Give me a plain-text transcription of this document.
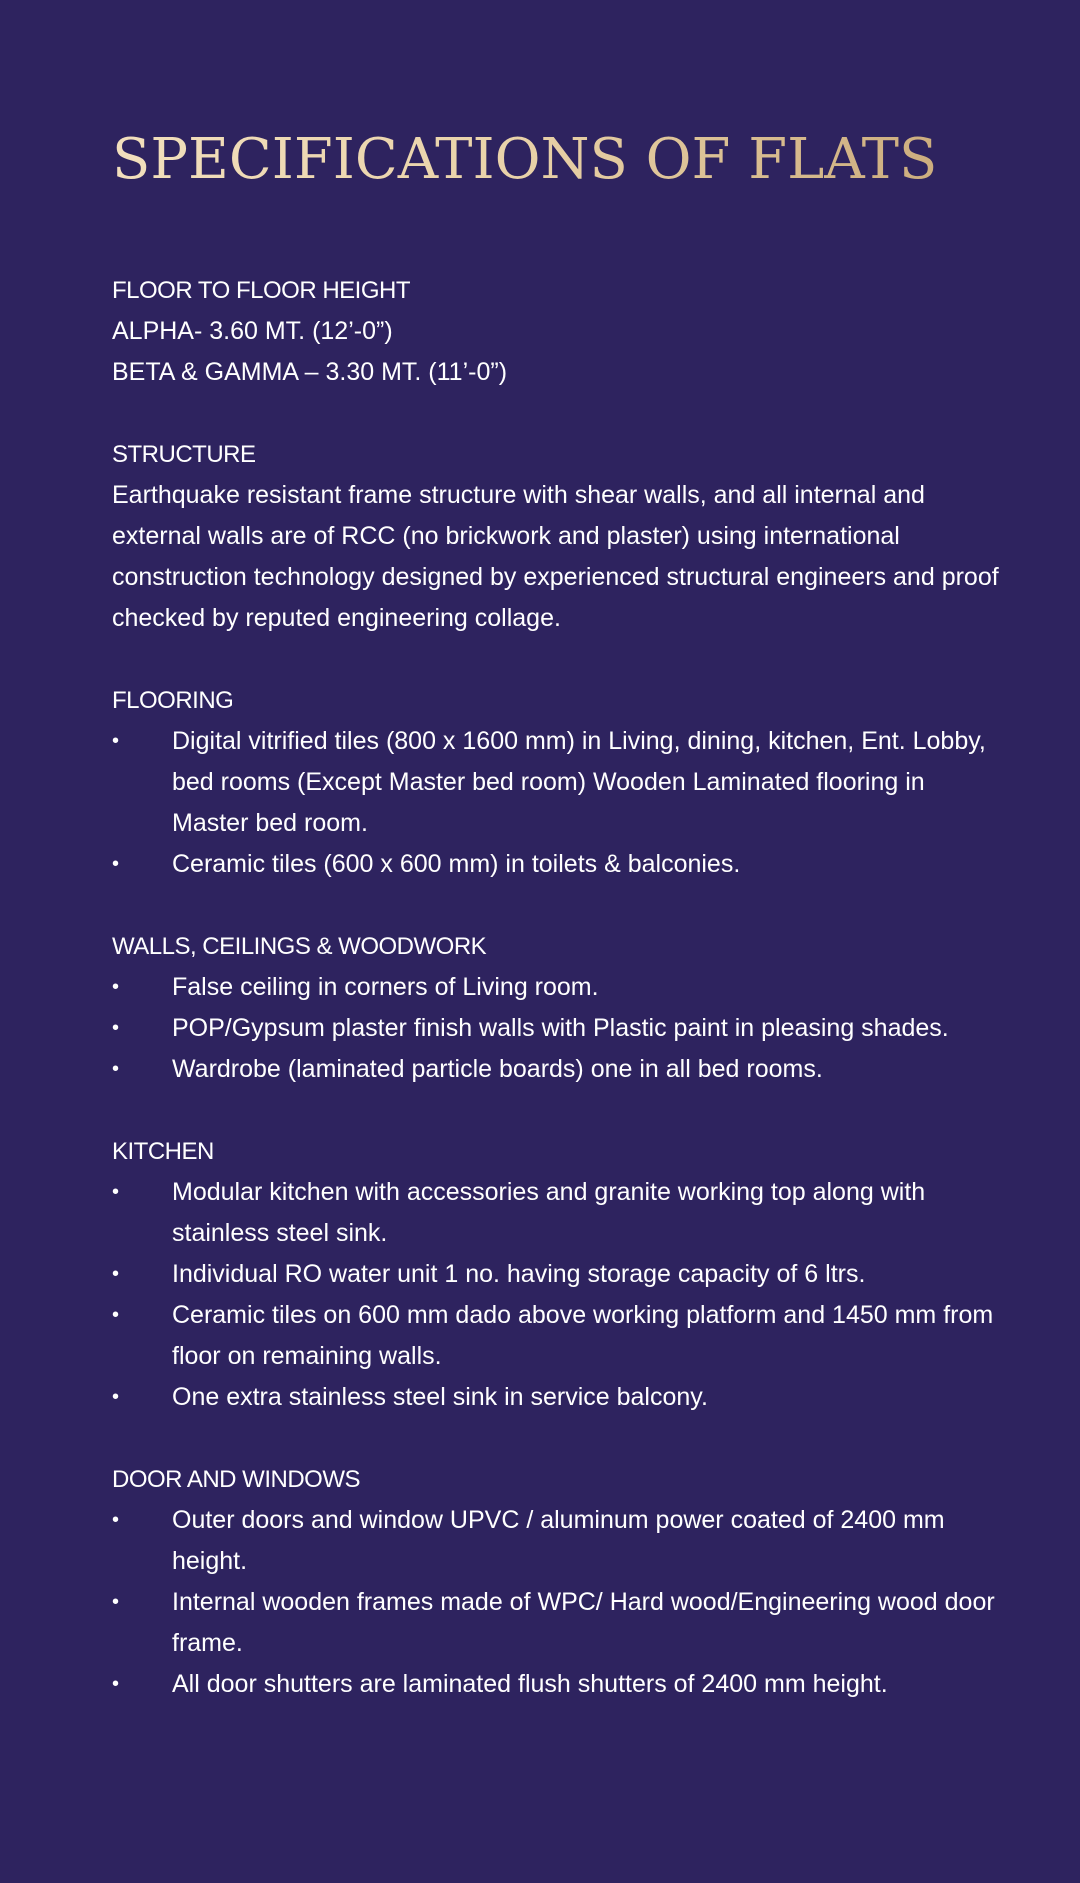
SPECIFICATIONS OF FLATS
FLOOR TO FLOOR HEIGHT

ALPHA- 3.60 MT. (12’-0”)

BETA & GAMMA – 3.30 MT. (11’-0”)

STRUCTURE

Earthquake resistant frame structure with shear walls, and all internal and external walls are of RCC (no brickwork and plaster) using international construction technology designed by experienced structural engineers and proof checked by reputed engineering collage.

FLOORING
• Digital vitrified tiles (800 x 1600 mm) in Living, dining, kitchen, Ent. Lobby, bed rooms (Except Master bed room) Wooden Laminated flooring in Master bed room.
• Ceramic tiles (600 x 600 mm) in toilets & balconies.
WALLS, CEILINGS & WOODWORK
• False ceiling in corners of Living room.
• POP/Gypsum plaster finish walls with Plastic paint in pleasing shades.
• Wardrobe (laminated particle boards) one in all bed rooms.
KITCHEN
• Modular kitchen with accessories and granite working top along with stainless steel sink.
• Individual RO water unit 1 no. having storage capacity of 6 ltrs.
• Ceramic tiles on 600 mm dado above working platform and 1450 mm from floor on remaining walls.
• One extra stainless steel sink in service balcony.
DOOR AND WINDOWS
• Outer doors and window UPVC / aluminum power coated of 2400 mm height.
• Internal wooden frames made of WPC/ Hard wood/Engineering wood door frame.
• All door shutters are laminated flush shutters of 2400 mm height.
